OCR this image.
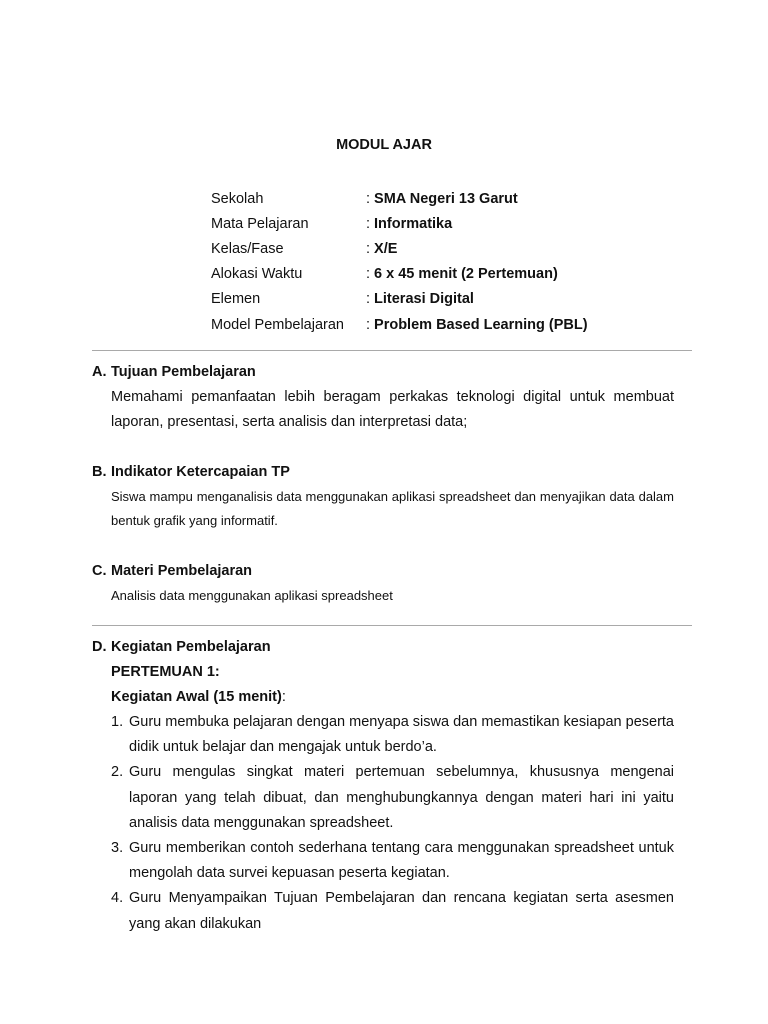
MODUL AJAR
Sekolah	: SMA Negeri 13 Garut
Mata Pelajaran	: Informatika
Kelas/Fase	: X/E
Alokasi Waktu	: 6 x 45 menit (2 Pertemuan)
Elemen	: Literasi Digital
Model Pembelajaran	: Problem Based Learning (PBL)
A. Tujuan Pembelajaran
Memahami pemanfaatan lebih beragam perkakas teknologi digital untuk membuat laporan, presentasi, serta analisis dan interpretasi data;
B. Indikator Ketercapaian TP
Siswa mampu menganalisis data menggunakan aplikasi spreadsheet dan menyajikan data dalam bentuk grafik yang informatif.
C. Materi Pembelajaran
Analisis data menggunakan aplikasi spreadsheet
D. Kegiatan Pembelajaran
PERTEMUAN 1:
Kegiatan Awal (15 menit):
1. Guru membuka pelajaran dengan menyapa siswa dan memastikan kesiapan peserta didik untuk belajar dan mengajak untuk berdo’a.
2. Guru mengulas singkat materi pertemuan sebelumnya, khususnya mengenai laporan yang telah dibuat, dan menghubungkannya dengan materi hari ini yaitu analisis data menggunakan spreadsheet.
3. Guru memberikan contoh sederhana tentang cara menggunakan spreadsheet untuk mengolah data survei kepuasan peserta kegiatan.
4. Guru Menyampaikan Tujuan Pembelajaran dan rencana kegiatan serta asesmen yang akan dilakukan
